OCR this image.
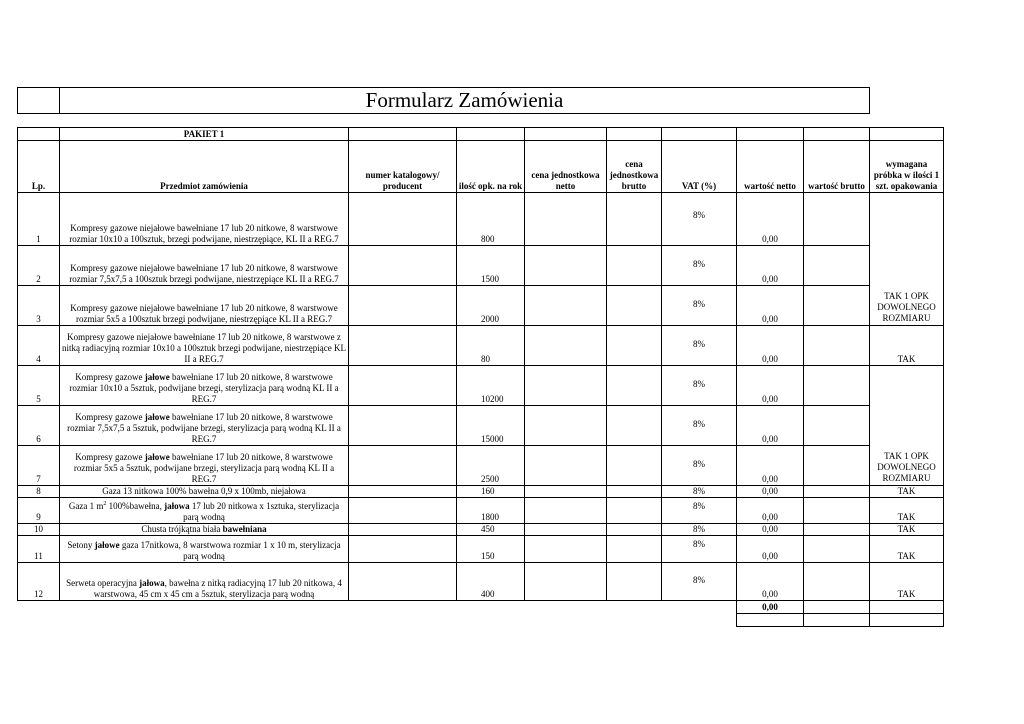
Formularz Zamówienia
	PAKIET 1								
Lp.	Przedmiot zamówienia	numer katalogowy/ producent	ilość opk. na rok	cena jednostkowa netto	cena jednostkowa brutto	VAT (%)	wartość netto	wartość brutto	wymagana próbka w ilości 1 szt. opakowania
1	Kompresy gazowe niejałowe bawełniane 17 lub 20 nitkowe, 8 warstwowe rozmiar 10x10 a 100sztuk, brzegi podwijane, niestrzępiące, KL II a REG.7		800			8%	0,00		TAK 1 OPK DOWOLNEGO ROZMIARU
2	Kompresy gazowe niejałowe bawełniane 17 lub 20 nitkowe, 8 warstwowe rozmiar 7,5x7,5 a 100sztuk brzegi podwijane, niestrzępiące KL II a REG.7		1500			8%	0,00		
3	Kompresy gazowe niejałowe bawełniane 17 lub 20 nitkowe, 8 warstwowe rozmiar 5x5 a 100sztuk brzegi podwijane, niestrzępiące KL II a REG.7		2000			8%	0,00		
4	Kompresy gazowe niejałowe bawełniane 17 lub 20 nitkowe, 8 warstwowe z nitką radiacyjną rozmiar 10x10 a 100sztuk brzegi podwijane, niestrzępiące KL II a REG.7		80			8%	0,00		TAK
5	Kompresy gazowe jałowe bawełniane 17 lub 20 nitkowe, 8 warstwowe rozmiar 10x10 a 5sztuk, podwijane brzegi, sterylizacja parą wodną KL II a REG.7		10200			8%	0,00		TAK 1 OPK DOWOLNEGO ROZMIARU
6	Kompresy gazowe jałowe bawełniane 17 lub 20 nitkowe, 8 warstwowe rozmiar 7,5x7,5 a 5sztuk, podwijane brzegi, sterylizacja parą wodną KL II a REG.7		15000			8%	0,00		
7	Kompresy gazowe jałowe bawełniane 17 lub 20 nitkowe, 8 warstwowe rozmiar 5x5 a 5sztuk, podwijane brzegi, sterylizacja parą wodną KL II a REG.7		2500			8%	0,00		
8	Gaza 13 nitkowa 100% bawełna 0,9 x 100mb, niejałowa		160			8%	0,00		TAK
9	Gaza 1 $m^2$ 100%bawełna, jałowa 17 lub 20 nitkowa x 1sztuka, sterylizacja parą wodną		1800			8%	0,00		TAK
10	Chusta trójkątna biała bawełniana		450			8%	0,00		TAK
11	Setony jałowe gaza 17nitkowa, 8 warstwowa rozmiar 1 x 10 m, sterylizacja parą wodną		150			8%	0,00		TAK
12	Serweta operacyjna jałowa, bawełna z nitką radiacyjną 17 lub 20 nitkowa, 4 warstwowa, 45 cm x 45 cm a 5sztuk, sterylizacja parą wodną		400			8%	0,00		TAK
							0,00		
